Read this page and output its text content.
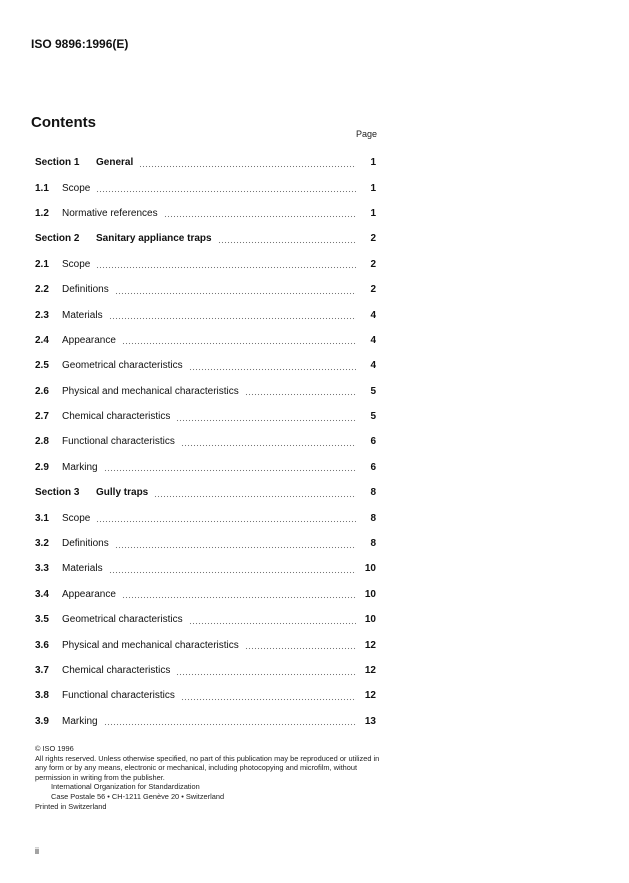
ISO 9896:1996(E)
Contents
Page
Section 1	General	1
1.1	Scope	1
1.2	Normative references	1
Section 2	Sanitary appliance traps	2
2.1	Scope	2
2.2	Definitions	2
2.3	Materials	4
2.4	Appearance	4
2.5	Geometrical characteristics	4
2.6	Physical and mechanical characteristics	5
2.7	Chemical characteristics	5
2.8	Functional characteristics	6
2.9	Marking	6
Section 3	Gully traps	8
3.1	Scope	8
3.2	Definitions	8
3.3	Materials	10
3.4	Appearance	10
3.5	Geometrical characteristics	10
3.6	Physical and mechanical characteristics	12
3.7	Chemical characteristics	12
3.8	Functional characteristics	12
3.9	Marking	13
© ISO 1996
All rights reserved. Unless otherwise specified, no part of this publication may be reproduced or utilized in any form or by any means, electronic or mechanical, including photocopying and microfilm, without permission in writing from the publisher.
International Organization for Standardization
Case Postale 56 • CH-1211 Genève 20 • Switzerland
Printed in Switzerland
ii
